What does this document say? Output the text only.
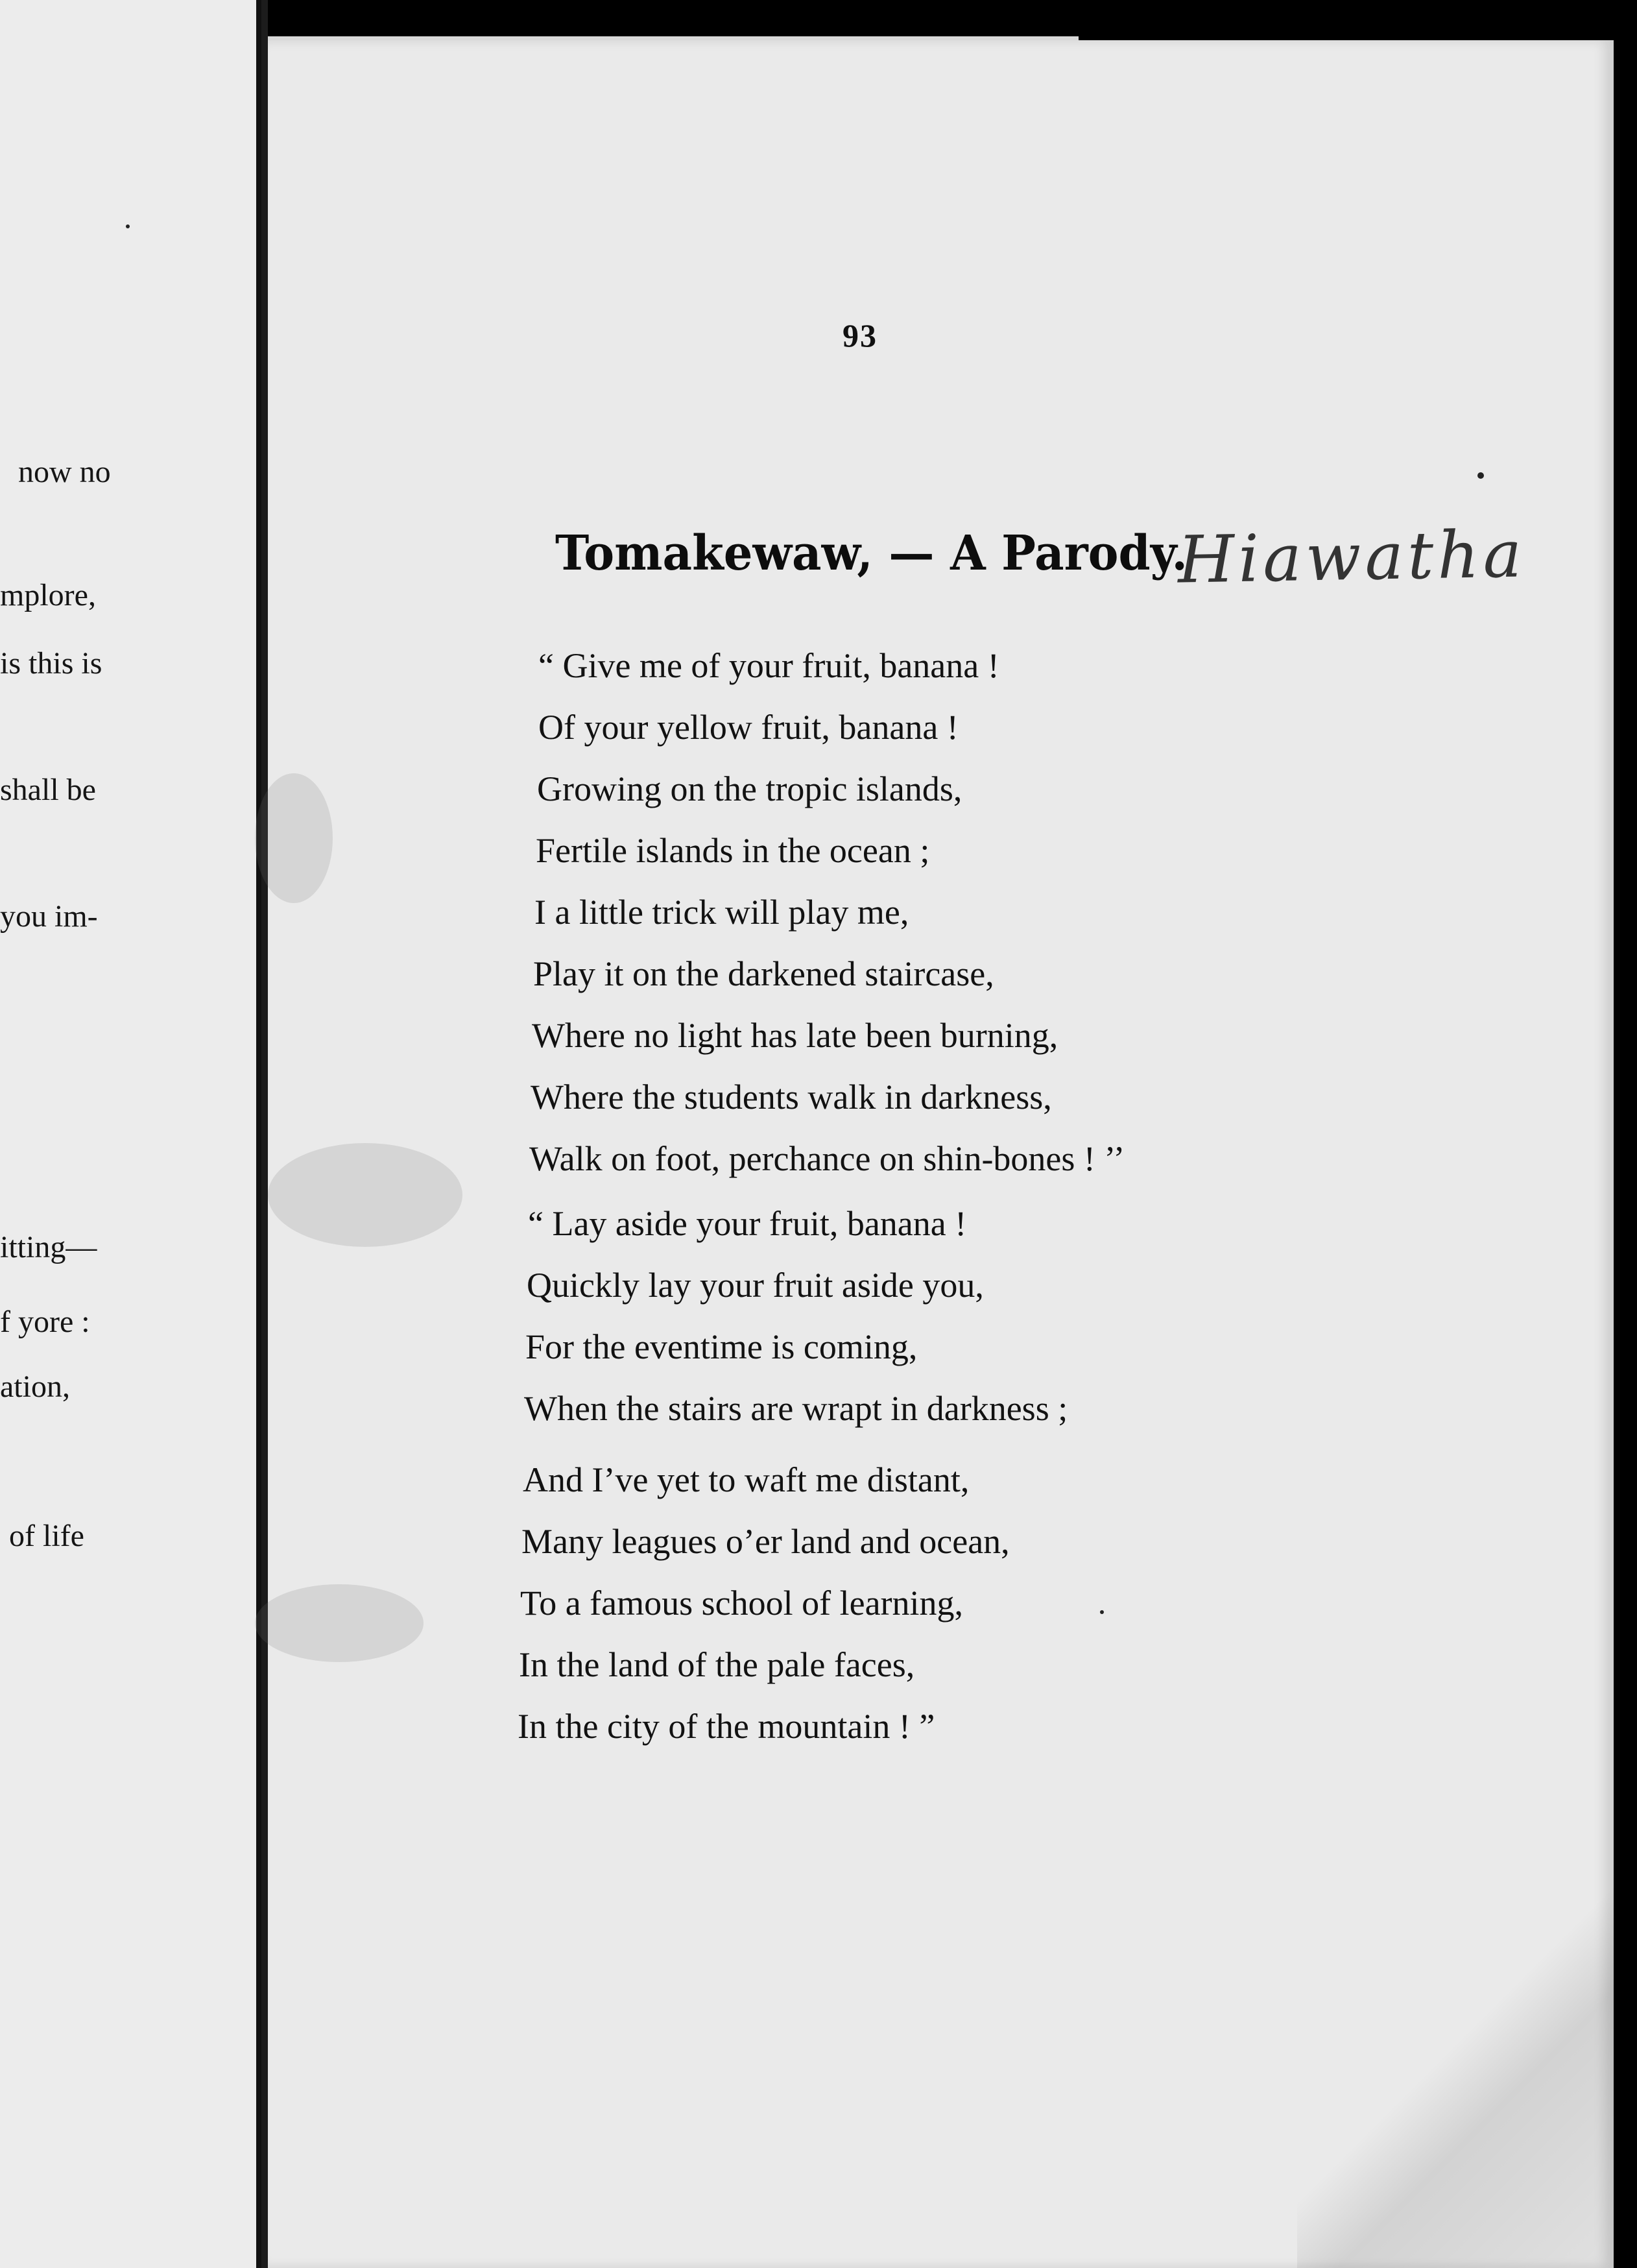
now no
mplore,
is this is
shall be
you im-
itting—
f yore :
ation,
of life
93
Tomakewaw, — A Parody.
Hiawatha
“ Give me of your fruit, banana !
Of your yellow fruit, banana !
Growing on the tropic islands,
Fertile islands in the ocean ;
I a little trick will play me,
Play it on the darkened staircase,
Where no light has late been burning,
Where the students walk in darkness,
Walk on foot, perchance on shin-bones ! ’’
“ Lay aside your fruit, banana !
Quickly lay your fruit aside you,
For the eventime is coming,
When the stairs are wrapt in darkness ;
And I’ve yet to waft me distant,
Many leagues o’er land and ocean,
To a famous school of learning,
In the land of the pale faces,
In the city of the mountain ! ”
